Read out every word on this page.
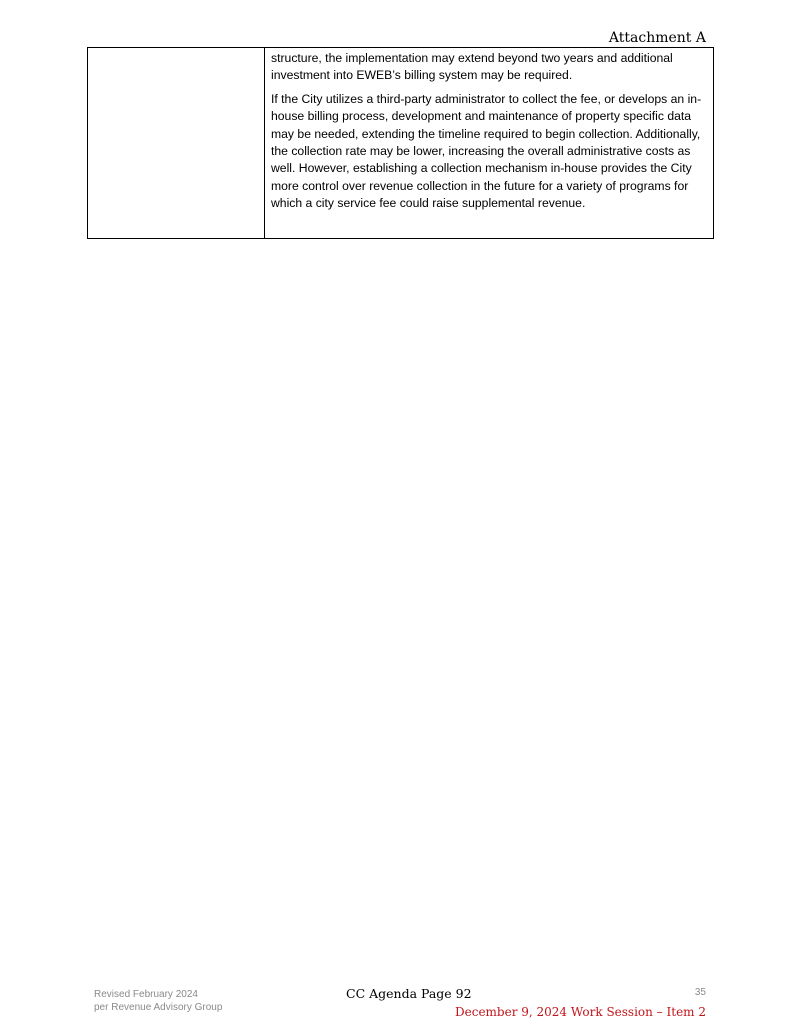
Attachment A

structure, the implementation may extend beyond two years and additional investment into EWEB’s billing system may be required.

If the City utilizes a third-party administrator to collect the fee, or develops an in-house billing process, development and maintenance of property specific data may be needed, extending the timeline required to begin collection. Additionally, the collection rate may be lower, increasing the overall administrative costs as well. However, establishing a collection mechanism in-house provides the City more control over revenue collection in the future for a variety of programs for which a city service fee could raise supplemental revenue.

Revised February 2024
per Revenue Advisory Group
CC Agenda Page 92	35
December 9, 2024 Work Session – Item 2
